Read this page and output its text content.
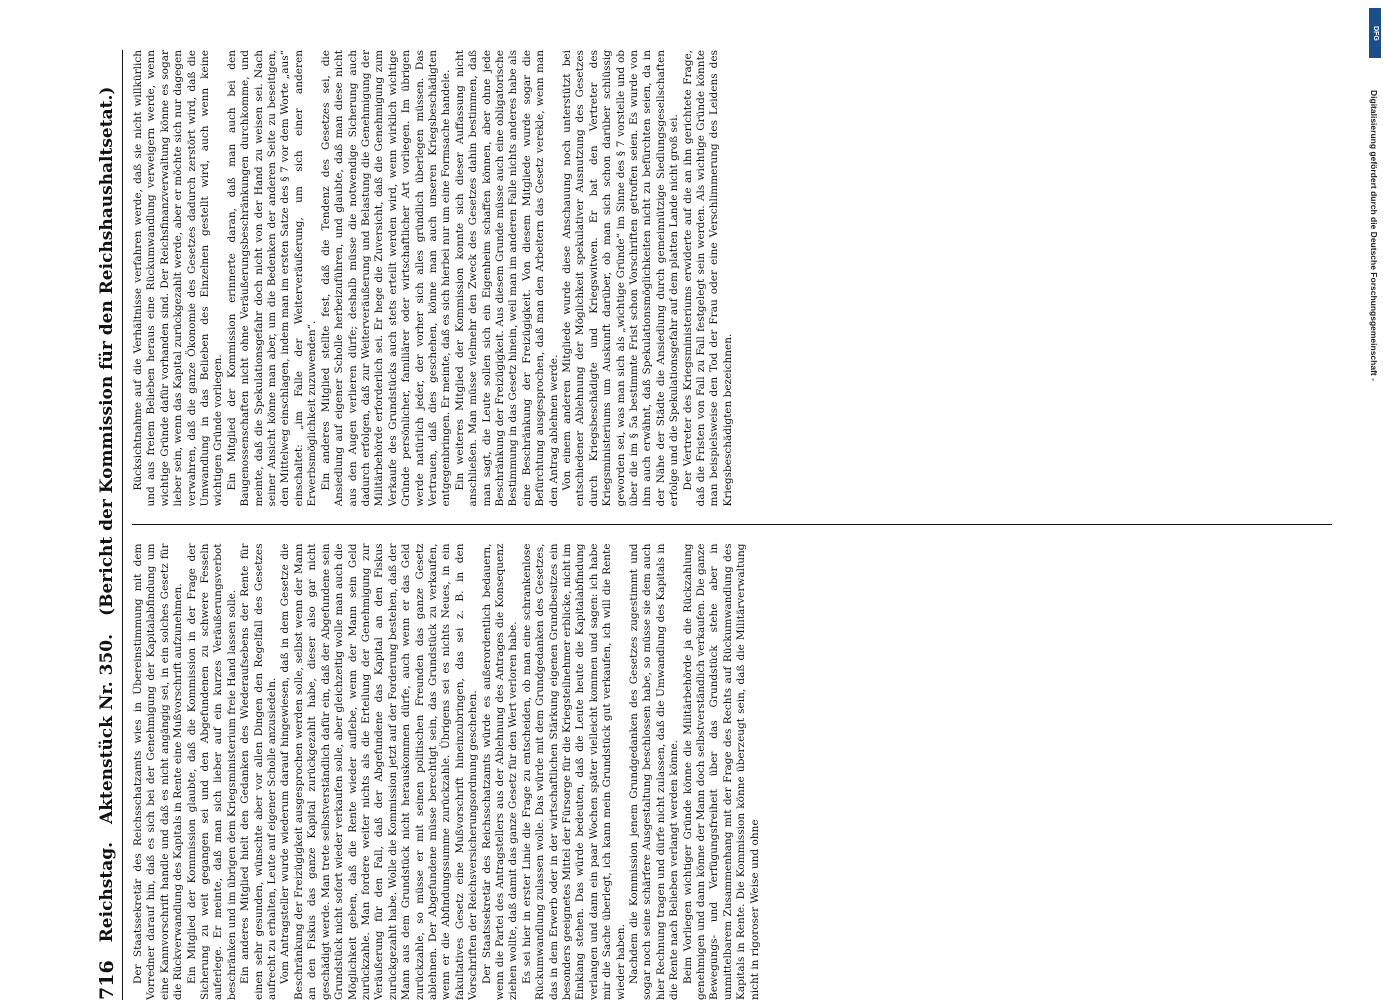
716
Reichstag.
Aktenstück Nr. 350.
(Bericht der Kommission für den Reichshaushaltsetat.)

Der Staatssekretär des Reichsschatzamts wies in Übereinstimmung mit dem Vorredner darauf hin, daß es sich bei der Genehmigung der Kapitalabfindung um eine Kannvorschrift handle und daß es nicht angängig sei, in ein solches Gesetz für die Rückverwandlung des Kapitals in Rente eine Mußvorschrift aufzunehmen. Ein Mitglied der Kommission glaubte, daß die Kommission in der Frage der Sicherung zu weit gegangen sei und den Abgefundenen zu schwere Fesseln auferlege. Er meinte, daß man sich lieber auf ein kurzes Veräußerungsverbot beschränken und im übrigen dem Kriegsministerium freie Hand lassen solle. Ein anderes Mitglied hielt den Gedanken des Wiederaufsebens der Rente für einen sehr gesunden, wünschte aber vor allen Dingen den Regelfall des Gesetzes aufrecht zu erhalten, Leute auf eigener Scholle anzusiedeln. Vom Antragsteller wurde wiederum darauf hingewiesen, daß in dem Gesetze die Beschränkung der Freizügigkeit ausgesprochen werden solle, selbst wenn der Mann an den Fiskus das ganze Kapital zurückgezahlt habe, dieser also gar nicht geschädigt werde. Man trete selbstverständlich dafür ein, daß der Abgefundene sein Grundstück nicht sofort wieder verkaufen solle, aber gleichzeitig wolle man auch die Möglichkeit geben, daß die Rente wieder auflebe, wenn der Mann sein Geld zurückzahle. Man fordere weiter nichts als die Erteilung der Genehmigung zur Veräußerung für den Fall, daß der Abgefundene das Kapital an den Fiskus zurückgezahlt habe. Wolle die Kommission jetzt auf der Forderung bestehen, daß der Mann aus dem Grundstück nicht herauskommen dürfe, auch wenn er das Geld zurückzahle, so müsse er mit seinen politischen Freunden das ganze Gesetz ablehnen. Der Abgefundene müsse berechtigt sein, das Grundstück zu verkaufen, wenn er die Abfindungssumme zurückzahle. Übrigens sei es nichts Neues, in ein fakultatives Gesetz eine Mußvorschrift hineinzubringen, das sei z. B. in den Vorschriften der Reichsversicherungsordnung geschehen. Der Staatssekretär des Reichsschatzamts würde es außerordentlich bedauern, wenn die Partei des Antragstellers aus der Ablehnung des Antrages die Konsequenz ziehen wollte, daß damit das ganze Gesetz für den Wert verloren habe. Es sei hier in erster Linie die Frage zu entscheiden, ob man eine schrankenlose Rückumwandlung zulassen wolle. Das würde mit dem Grundgedanken des Gesetzes, das in dem Erwerb oder in der wirtschaftlichen Stärkung eigenen Grundbesitzes ein besonders geeignetes Mittel der Fürsorge für die Kriegsteilnehmer erblicke, nicht im Einklang stehen. Das würde bedeuten, daß die Leute heute die Kapitalabfindung verlangen und dann ein paar Wochen später vielleicht kommen und sagen: ich habe mir die Sache überlegt, ich kann mein Grundstück gut verkaufen, ich will die Rente wieder haben. Nachdem die Kommission jenem Grundgedanken des Gesetzes zugestimmt und sogar noch seine schärfere Ausgestaltung beschlossen habe, so müsse sie dem auch hier Rechnung tragen und dürfe nicht zulassen, daß die Umwandlung des Kapitals in die Rente nach Belieben verlangt werden könne. Beim Vorliegen wichtiger Gründe könne die Militärbehörde ja die Rückzahlung genehmigen und dann könne der Mann doch selbstverständlich verkaufen. Die ganze Bewegungs- und Verfügungsfreiheit über das Grundstück stehe aber in unmittelbarem Zusammenhang mit der Frage des Rechts auf Rückumwandlung des Kapitals in Rente. Die Kommission könne überzeugt sein, daß die Militärverwaltung nicht in rigoroser Weise und ohne

Rücksichtnahme auf die Verhältnisse verfahren werde, daß sie nicht willkürlich und aus freiem Belieben heraus eine Rückumwandlung verweigern werde, wenn wichtige Gründe dafür vorhanden sind. Der Reichsfinanzverwaltung könne es sogar lieber sein, wenn das Kapital zurückgezahlt werde, aber er möchte sich nur dagegen verwahren, daß die ganze Ökonomie des Gesetzes dadurch zerstört wird, daß die Umwandlung in das Belieben des Einzelnen gestellt wird, auch wenn keine wichtigen Gründe vorliegen. Ein Mitglied der Kommission erinnerte daran, daß man auch bei den Baugenossenschaften nicht ohne Veräußerungsbeschränkungen durchkomme, und meinte, daß die Spekulationsgefahr doch nicht von der Hand zu weisen sei. Nach seiner Ansicht könne man aber, um die Bedenken der anderen Seite zu beseitigen, den Mittelweg einschlagen, indem man im ersten Satze des § 7 vor dem Worte „aus“ einschaltet: „im Falle der Weiterveräußerung, um sich einer anderen Erwerbsmöglichkeit zuzuwenden“. Ein anderes Mitglied stellte fest, daß die Tendenz des Gesetzes sei, die Ansiedlung auf eigener Scholle herbeizuführen, und glaubte, daß man diese nicht aus den Augen verlieren dürfe; deshalb müsse die notwendige Sicherung auch dadurch erfolgen, daß zur Weiterveräußerung und Belastung die Genehmigung der Militärbehörde erforderlich sei. Er hege die Zuversicht, daß die Genehmigung zum Verkaufe des Grundstücks auch stets erteilt werden wird, wenn wirklich wichtige Gründe persönlicher, familiärer oder wirtschaftlicher Art vorliegen. Im übrigen werde natürlich jeder, der vorher sich alles gründlich überlegen müssen. Das Vertrauen, daß dies geschehen, könne man auch unseren Kriegsbeschädigten entgegenbringen. Er meinte, daß es sich hierbei nur um eine Formsache handele. Ein weiteres Mitglied der Kommission konnte sich dieser Auffassung nicht anschließen. Man müsse vielmehr den Zweck des Gesetzes dahin bestimmen, daß man sagt, die Leute sollen sich ein Eigenheim schaffen können, aber ohne jede Beschränkung der Freizügigkeit. Aus diesem Grunde müsse auch eine obligatorische Bestimmung in das Gesetz hinein, weil man im anderen Falle nichts anderes habe als eine Beschränkung der Freizügigkeit. Von diesem Mitgliede wurde sogar die Befürchtung ausgesprochen, daß man den Arbeitern das Gesetz verekle, wenn man den Antrag ablehnen werde. Von einem anderen Mitgliede wurde diese Anschauung noch unterstützt bei entschiedener Ablehnung der Möglichkeit spekulativer Ausnutzung des Gesetzes durch Kriegsbeschädigte und Kriegswitwen. Er bat den Vertreter des Kriegsministeriums um Auskunft darüber, ob man sich schon darüber schlüssig geworden sei, was man sich als „wichtige Gründe“ im Sinne des § 7 vorstelle und ob über die im § 5a bestimmte Frist schon Vorschriften getroffen seien. Es wurde von ihm auch erwähnt, daß Spekulationsmöglichkeiten nicht zu befürchten seien, da in der Nähe der Städte die Ansiedlung durch gemeinnützige Siedlungsgesellschaften erfolge und die Spekulationsgefahr auf dem platten Lande nicht groß sei. Der Vertreter des Kriegsministeriums erwiderte auf die an ihn gerichtete Frage, daß die Fristen von Fall zu Fall festgelegt sein werden. Als wichtige Gründe könnte man beispielsweise den Tod der Frau oder eine Verschlimmerung des Leidens des Kriegsbeschädigten bezeichnen.

DFG
Digitalisierung gefördert durch die Deutsche Forschungsgemeinschaft -
